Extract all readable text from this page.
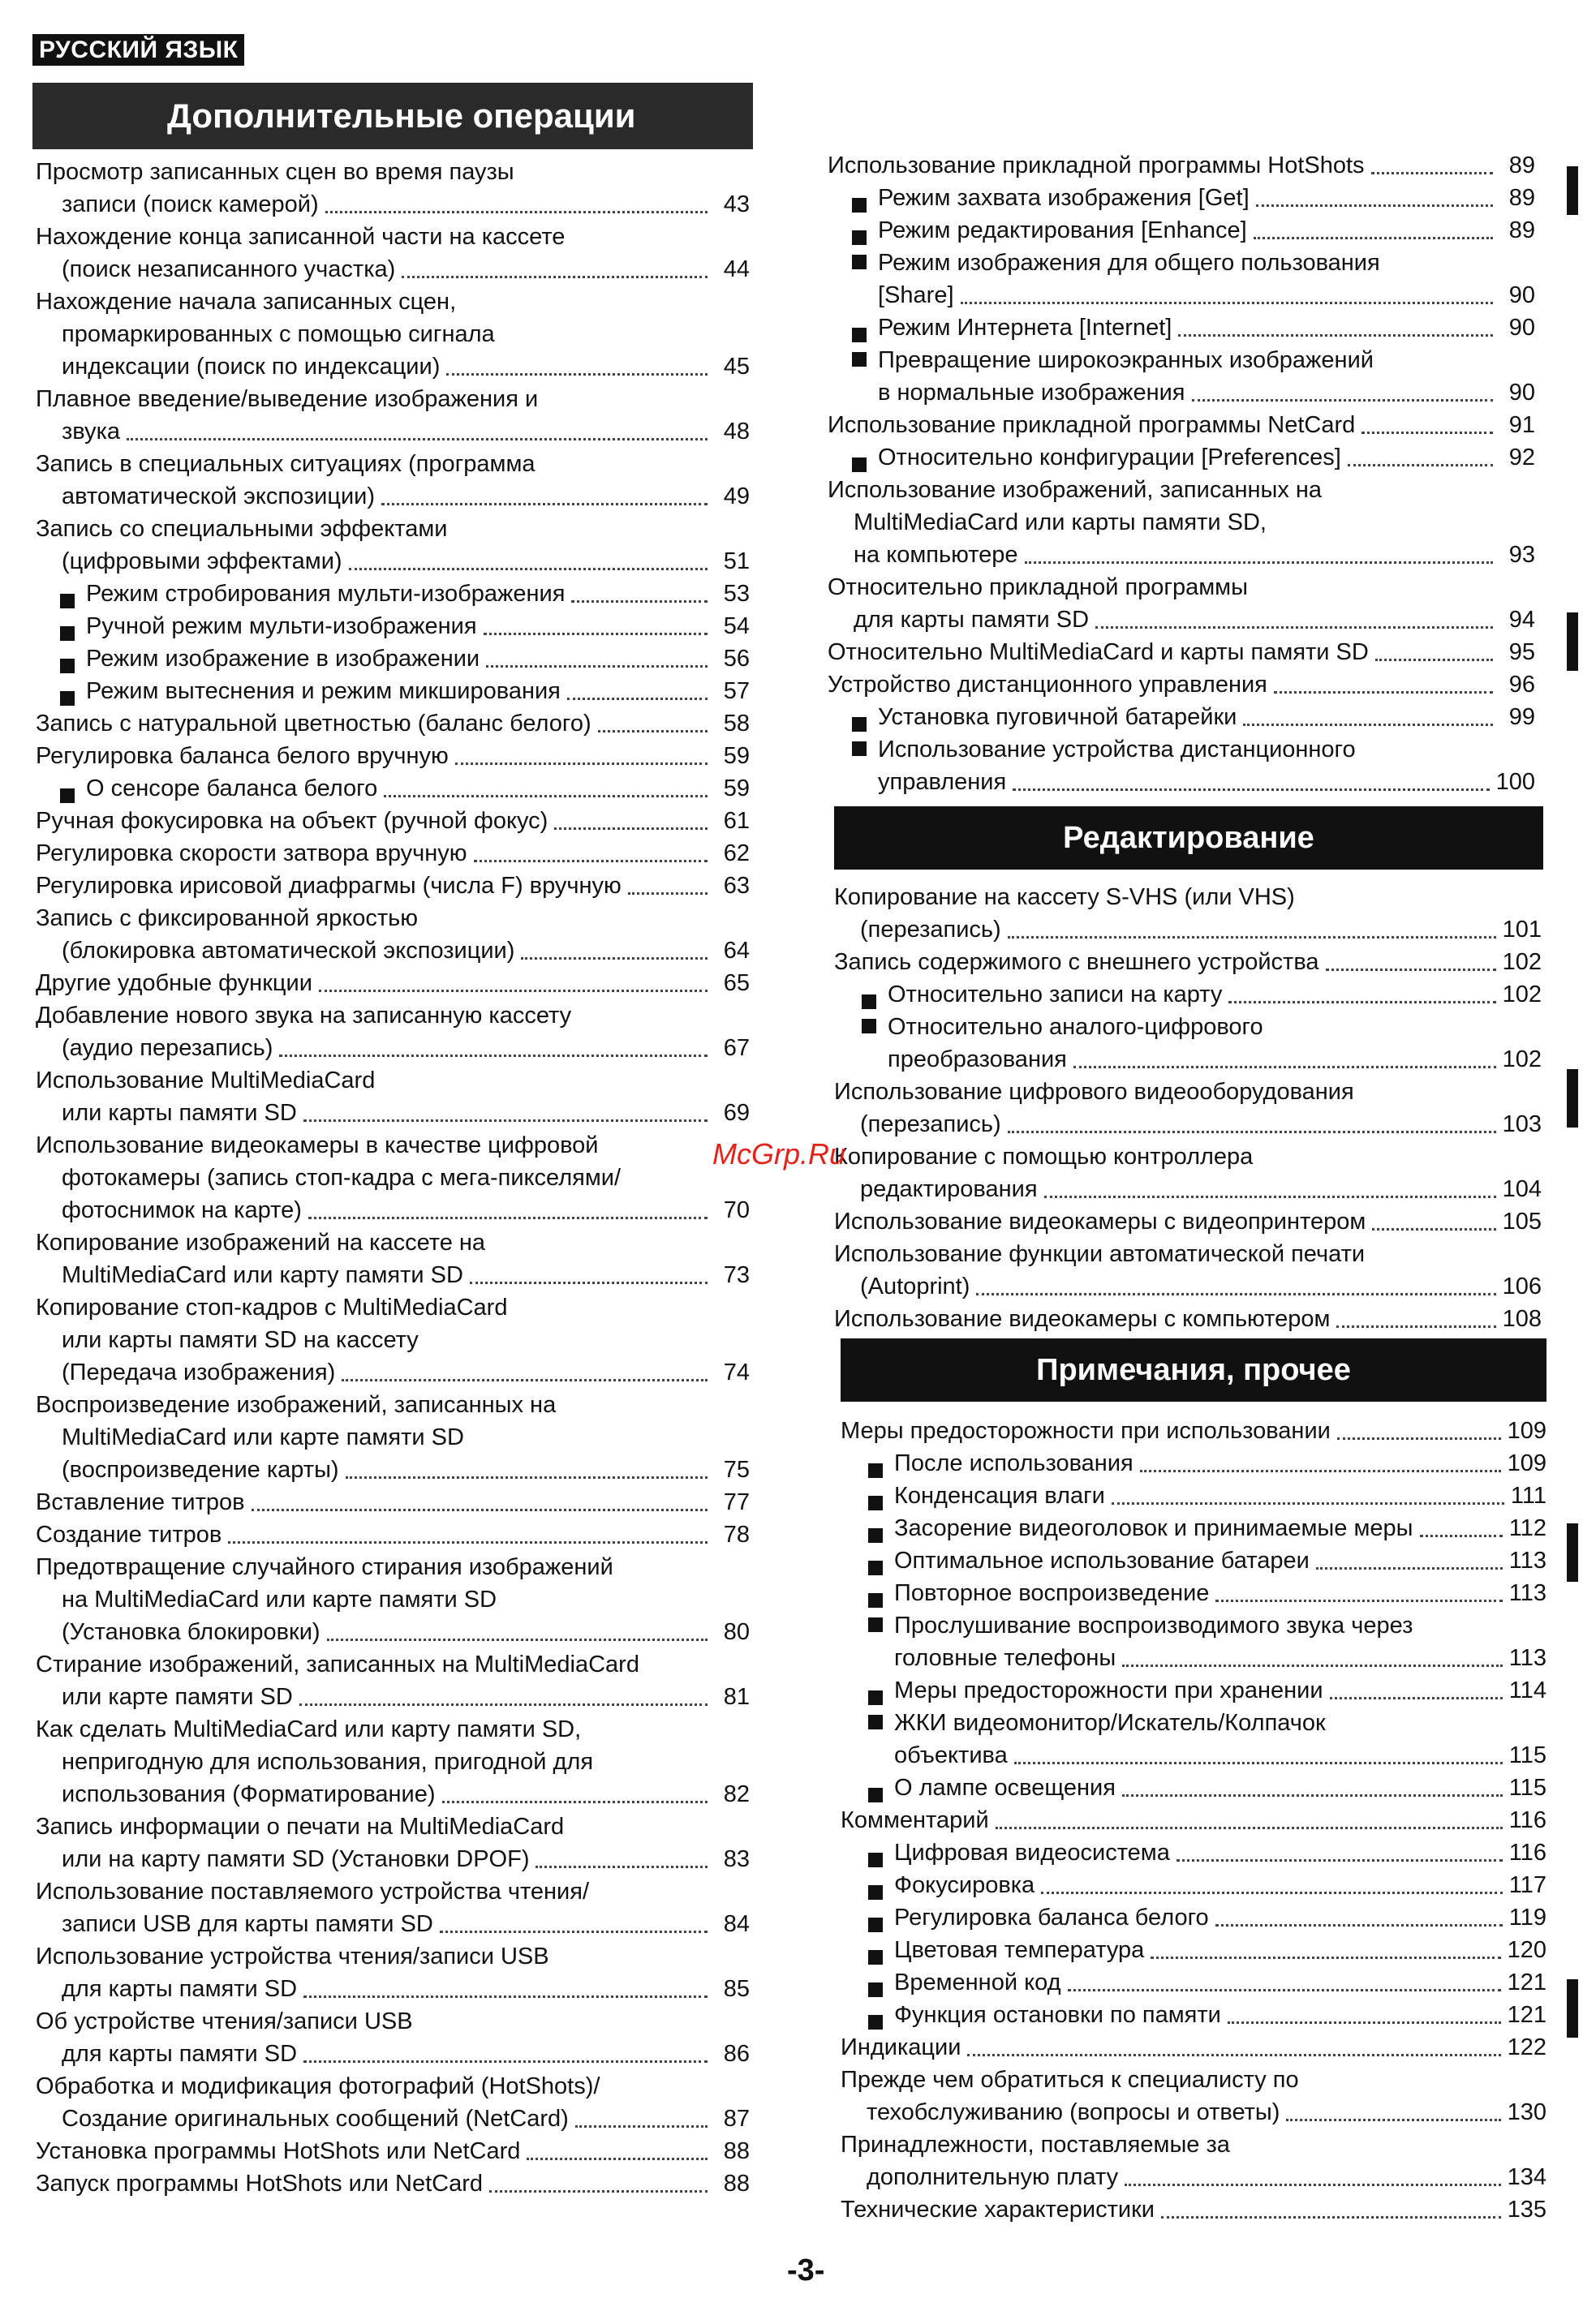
РУССКИЙ ЯЗЫК
Дополнительные операции
Просмотр записанных сцен во время паузы
записи (поиск камерой)	43
Нахождение конца записанной части на кассете
(поиск незаписанного участка)	44
Нахождение начала записанных сцен,
промаркированных с помощью сигнала
индексации (поиск по индексации)	45
Плавное введение/выведение изображения и
звука	48
Запись в специальных ситуациях (программа
автоматической экспозиции)	49
Запись со специальными эффектами
(цифровыми эффектами)	51
Режим стробирования мульти-изображения	53
Ручной режим мульти-изображения	54
Режим изображение в изображении	56
Режим вытеснения и режим микширования	57
Запись с натуральной цветностью (баланс белого)	58
Регулировка баланса белого вручную	59
О сенсоре баланса белого	59
Ручная фокусировка на объект (ручной фокус)	61
Регулировка скорости затвора вручную	62
Регулировка ирисовой диафрагмы (числа F) вручную	63
Запись с фиксированной яркостью
(блокировка автоматической экспозиции)	64
Другие удобные функции	65
Добавление нового звука на записанную кассету
(аудио перезапись)	67
Использование MultiMediaCard
или карты памяти SD	69
Использование видеокамеры в качестве цифровой
фотокамеры (запись стоп-кадра с мега-пикселями/
фотоснимок на карте)	70
Копирование изображений на кассете на
MultiMediaCard или карту памяти SD	73
Копирование стоп-кадров с MultiMediaCard
или карты памяти SD на кассету
(Передача изображения)	74
Воспроизведение изображений, записанных на
MultiMediaCard или карте памяти SD
(воспроизведение карты)	75
Вставление титров	77
Создание титров	78
Предотвращение случайного стирания изображений
на MultiMediaCard или карте памяти SD
(Установка блокировки)	80
Стирание изображений, записанных на MultiMediaCard
или карте памяти SD	81
Как сделать MultiMediaCard или карту памяти SD,
непригодную для использования, пригодной для
использования (Форматирование)	82
Запись информации о печати на MultiMediaCard
или на карту памяти SD (Установки DPOF)	83
Использование поставляемого устройства чтения/
записи USB для карты памяти SD	84
Использование устройства чтения/записи USB
для карты памяти SD	85
Об устройстве чтения/записи USB
для карты памяти SD	86
Обработка и модификация фотографий (HotShots)/
Создание оригинальных сообщений (NetCard)	87
Установка программы HotShots или NetCard	88
Запуск программы HotShots или NetCard	88
Использование прикладной программы HotShots	89
Режим захвата изображения [Get]	89
Режим редактирования [Enhance]	89
Режим изображения для общего пользования
[Share]	90
Режим Интернета [Internet]	90
Превращение широкоэкранных изображений
в нормальные изображения	90
Использование прикладной программы NetCard	91
Относительно конфигурации [Preferences]	92
Использование изображений, записанных на
MultiMediaCard или карты памяти SD,
на компьютере	93
Относительно прикладной программы
для карты памяти SD	94
Относительно MultiMediaCard и карты памяти SD	95
Устройство дистанционного управления	96
Установка пуговичной батарейки	99
Использование устройства дистанционного
управления	100
Редактирование
Копирование на кассету S-VHS (или VHS)
(перезапись)	101
Запись содержимого с внешнего устройства	102
Относительно записи на карту	102
Относительно аналого-цифрового
преобразования	102
Использование цифрового видеооборудования
(перезапись)	103
Копирование с помощью контроллера
редактирования	104
Использование видеокамеры с видеопринтером	105
Использование функции автоматической печати
(Autoprint)	106
Использование видеокамеры с компьютером	108
Примечания, прочее
Меры предосторожности при использовании	109
После использования	109
Конденсация влаги	111
Засорение видеоголовок и принимаемые меры	112
Оптимальное использование батареи	113
Повторное воспроизведение	113
Прослушивание воспроизводимого звука через
головные телефоны	113
Меры предосторожности при хранении	114
ЖКИ видеомонитор/Искатель/Колпачок
объектива	115
О лампе освещения	115
Комментарий	116
Цифровая видеосистема	116
Фокусировка	117
Регулировка баланса белого	119
Цветовая температура	120
Временной код	121
Функция остановки по памяти	121
Индикации	122
Прежде чем обратиться к специалисту по
техобслуживанию (вопросы и ответы)	130
Принадлежности, поставляемые за
дополнительную плату	134
Технические характеристики	135
McGrp.Ru
-3-
